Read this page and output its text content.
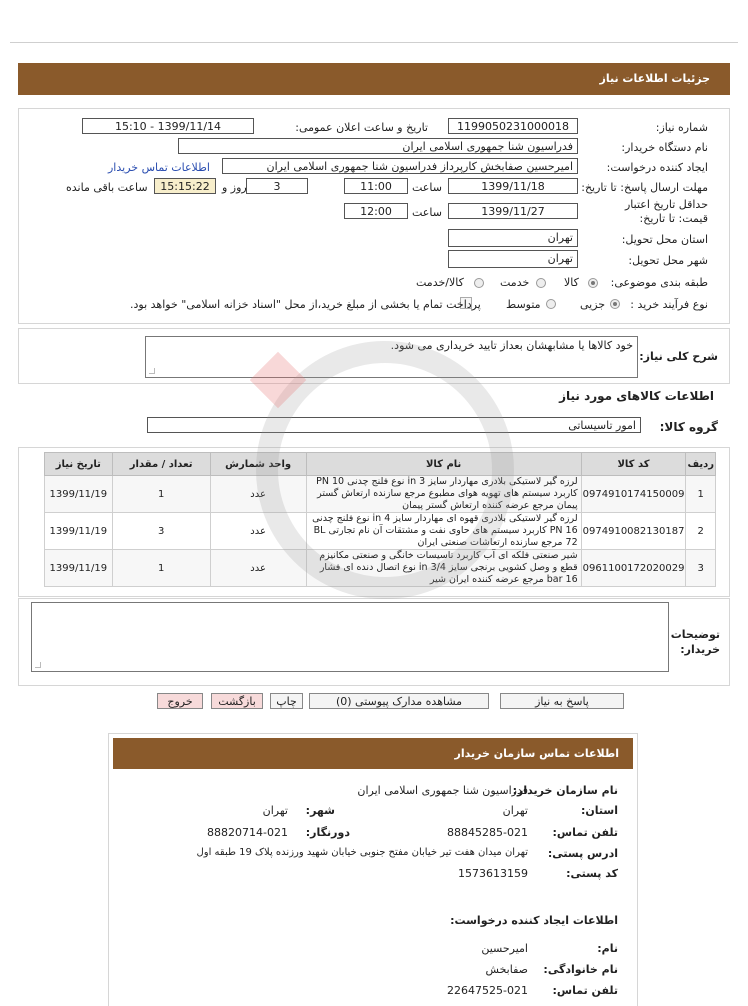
جزئیات اطلاعات نیاز
شماره نیاز:
1199050231000018
تاریخ و ساعت اعلان عمومی:
1399/11/14 - 15:10
نام دستگاه خریدار:
فدراسیون شنا جمهوری اسلامی ایران
ایجاد کننده درخواست:
امیرحسین صفابخش کارپرداز فدراسیون شنا جمهوری اسلامی ایران
اطلاعات تماس خریدار
مهلت ارسال پاسخ: تا تاریخ:
1399/11/18
ساعت
11:00
3
روز و
15:15:22
ساعت باقی مانده
حداقل تاریخ اعتبار قیمت: تا تاریخ:
1399/11/27
ساعت
12:00
استان محل تحویل:
تهران
شهر محل تحویل:
تهران
طبقه بندی موضوعی:
کالا
خدمت
کالا/خدمت
نوع فرآیند خرید :
جزیی
متوسط
پرداخت تمام یا بخشی از مبلغ خرید،از محل "اسناد خزانه اسلامی" خواهد بود.
شرح کلی نیاز:
خود کالاها یا مشابهشان بعداز تایید خریداری می شود.
اطلاعات کالاهای مورد نیاز
گروه کالا:
امور تاسیساتی
ردیف	کد کالا	نام کالا	واحد شمارش	تعداد / مقدار	تاریخ نیاز
1	0974910174150009	لرزه گیر لاستیکی بلادری مهاردار سایز in 3 نوع فلنج چدنی PN 10 کاربرد سیستم های تهویه هوای مطبوع مرجع سازنده ارتعاش گستر پیمان مرجع عرضه کننده ارتعاش گستر پیمان	عدد	1	1399/11/19
2	0974910082130187	لرزه گیر لاستیکی بلادری قهوه ای مهاردار سایز in 4 نوع فلنج چدنی PN 16 کاربرد سیستم های حاوی نفت و مشتقات آن نام تجارتی BL 72 مرجع سازنده ارتعاشات صنعتی ایران	عدد	3	1399/11/19
3	0961100172020029	شیر صنعتی فلکه ای آب کاربرد تاسیسات خانگی و صنعتی مکانیزم قطع و وصل کشویی برنجی سایز 3/4 in نوع اتصال دنده ای فشار 16 bar مرجع عرضه کننده ایران شیر	عدد	1	1399/11/19
توضیحات خریدار:
پاسخ به نیاز
مشاهده مدارک پیوستی (0)
چاپ
بازگشت
خروج
اطلاعات تماس سازمان خریدار
نام سازمان خریدار:
فدراسیون شنا جمهوری اسلامی ایران
استان:
تهران
شهر:
تهران
تلفن تماس:
88845285-021
دورنگار:
88820714-021
ادرس پستی:
تهران میدان هفت تیر خیابان مفتح جنوبی خیابان شهید ورزنده پلاک 19 طبقه اول
کد پستی:
1573613159
اطلاعات ایجاد کننده درخواست:
نام:
امیرحسین
نام خانوادگی:
صفابخش
تلفن تماس:
22647525-021
